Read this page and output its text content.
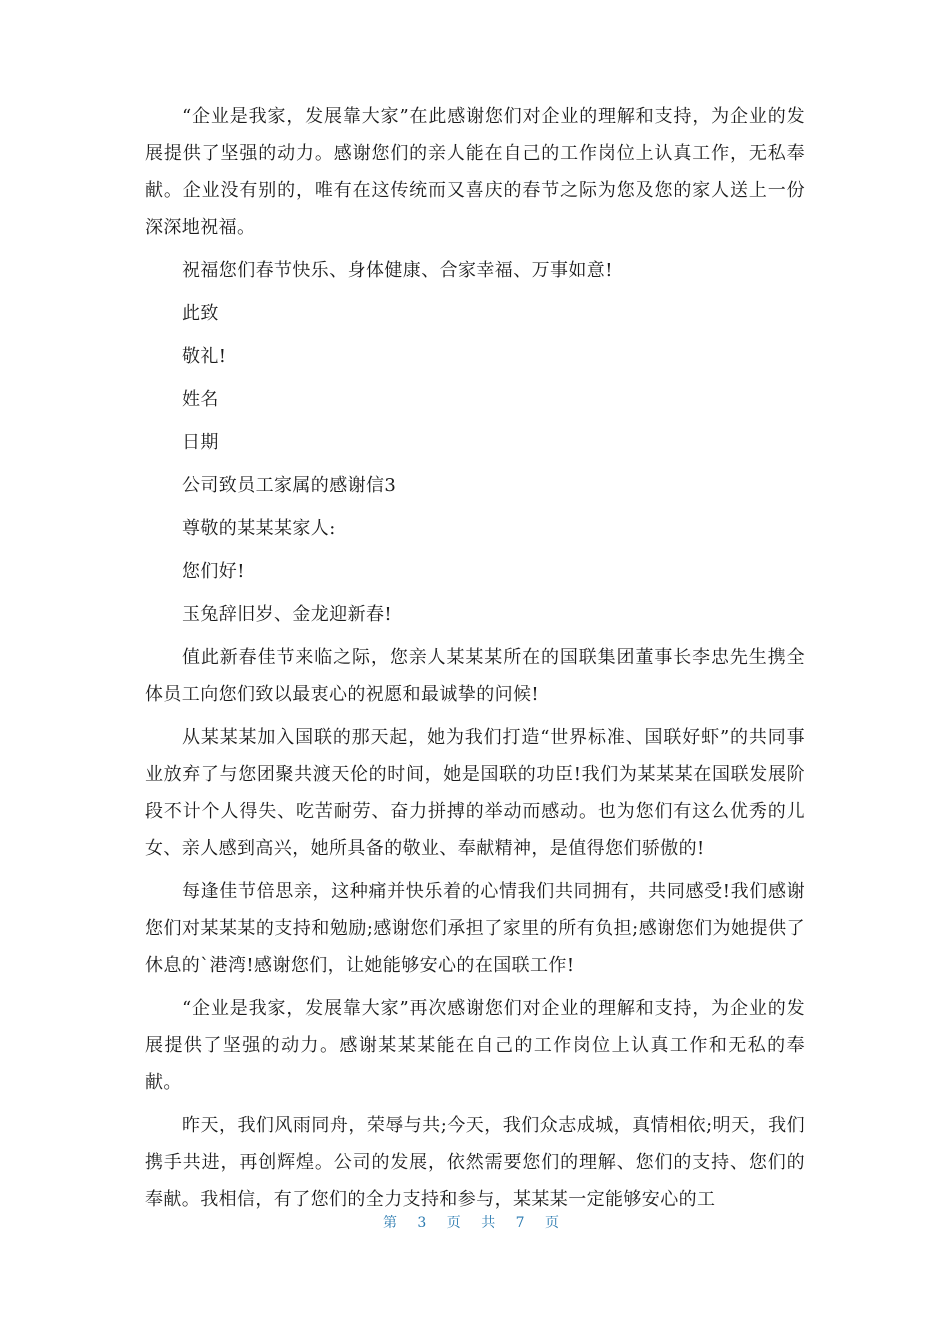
“企业是我家，发展靠大家”在此感谢您们对企业的理解和支持，为企业的发展提供了坚强的动力。感谢您们的亲人能在自己的工作岗位上认真工作，无私奉献。企业没有别的，唯有在这传统而又喜庆的春节之际为您及您的家人送上一份深深地祝福。

祝福您们春节快乐、身体健康、合家幸福、万事如意!

此致

敬礼!

姓名

日期

公司致员工家属的感谢信3

尊敬的某某某家人:

您们好!

玉兔辞旧岁、金龙迎新春!

值此新春佳节来临之际，您亲人某某某所在的国联集团董事长李忠先生携全体员工向您们致以最衷心的祝愿和最诚挚的问候!

从某某某加入国联的那天起，她为我们打造“世界标准、国联好虾”的共同事业放弃了与您团聚共渡天伦的时间，她是国联的功臣!我们为某某某在国联发展阶段不计个人得失、吃苦耐劳、奋力拼搏的举动而感动。也为您们有这么优秀的儿女、亲人感到高兴，她所具备的敬业、奉献精神，是值得您们骄傲的!

每逢佳节倍思亲，这种痛并快乐着的心情我们共同拥有，共同感受!我们感谢您们对某某某的支持和勉励;感谢您们承担了家里的所有负担;感谢您们为她提供了休息的`港湾!感谢您们，让她能够安心的在国联工作!

“企业是我家，发展靠大家”再次感谢您们对企业的理解和支持，为企业的发展提供了坚强的动力。感谢某某某能在自己的工作岗位上认真工作和无私的奉献。

昨天，我们风雨同舟，荣辱与共;今天，我们众志成城，真情相依;明天，我们携手共进，再创辉煌。公司的发展，依然需要您们的理解、您们的支持、您们的奉献。我相信，有了您们的全力支持和参与，某某某一定能够安心的工

第 3 页 共 7 页
